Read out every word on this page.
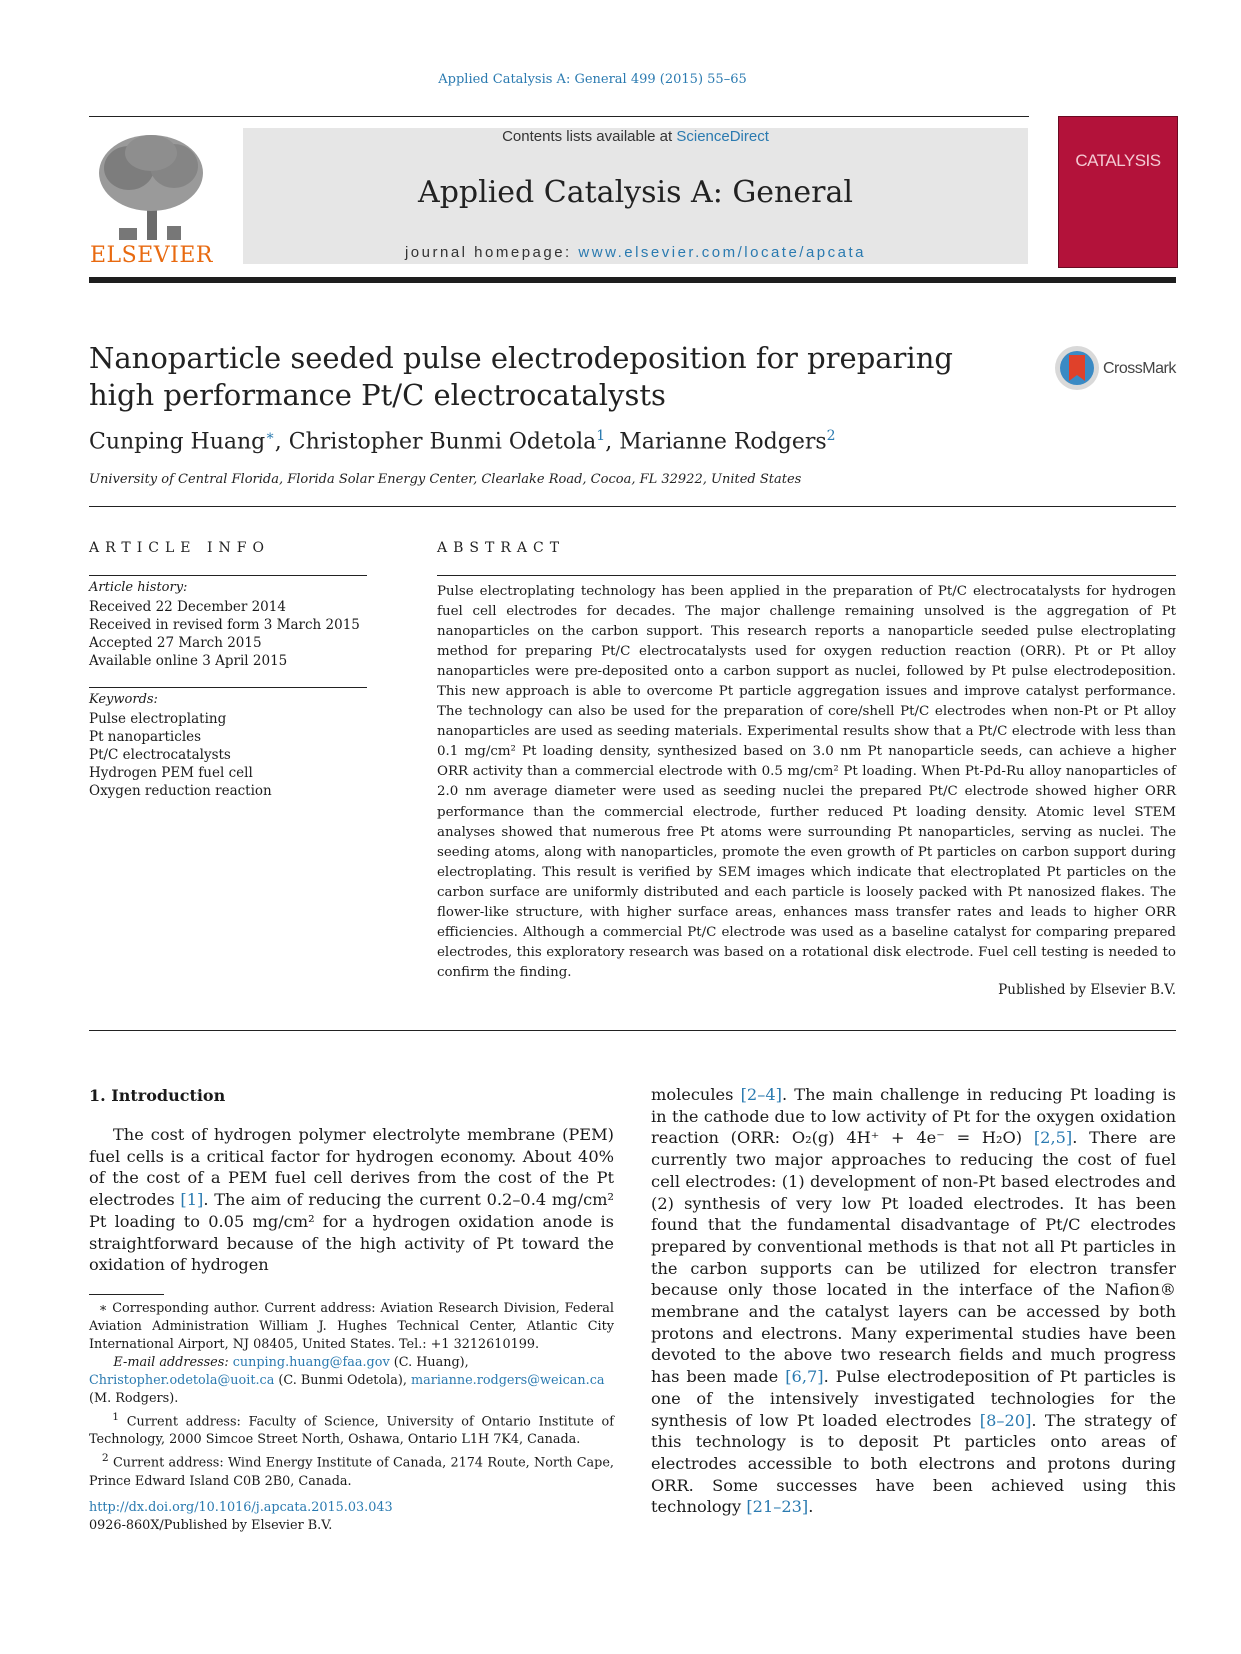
Applied Catalysis A: General 499 (2015) 55–65
ELSEVIER
Contents lists available at ScienceDirect
Applied Catalysis A: General
journal homepage: www.elsevier.com/locate/apcata
CATALYSIS
Nanoparticle seeded pulse electrodeposition for preparing high performance Pt/C electrocatalysts
CrossMark
Cunping Huang∗, Christopher Bunmi Odetola$^1$, Marianne Rodgers$^2$
University of Central Florida, Florida Solar Energy Center, Clearlake Road, Cocoa, FL 32922, United States
ARTICLE INFO
Article history:
Received 22 December 2014
Received in revised form 3 March 2015
Accepted 27 March 2015
Available online 3 April 2015
Keywords:
Pulse electroplating
Pt nanoparticles
Pt/C electrocatalysts
Hydrogen PEM fuel cell
Oxygen reduction reaction
ABSTRACT
Pulse electroplating technology has been applied in the preparation of Pt/C electrocatalysts for hydrogen fuel cell electrodes for decades. The major challenge remaining unsolved is the aggregation of Pt nanoparticles on the carbon support. This research reports a nanoparticle seeded pulse electroplating method for preparing Pt/C electrocatalysts used for oxygen reduction reaction (ORR). Pt or Pt alloy nanoparticles were pre-deposited onto a carbon support as nuclei, followed by Pt pulse electrodeposition. This new approach is able to overcome Pt particle aggregation issues and improve catalyst performance. The technology can also be used for the preparation of core/shell Pt/C electrodes when non-Pt or Pt alloy nanoparticles are used as seeding materials. Experimental results show that a Pt/C electrode with less than 0.1 mg/cm² Pt loading density, synthesized based on 3.0 nm Pt nanoparticle seeds, can achieve a higher ORR activity than a commercial electrode with 0.5 mg/cm² Pt loading. When Pt-Pd-Ru alloy nanoparticles of 2.0 nm average diameter were used as seeding nuclei the prepared Pt/C electrode showed higher ORR performance than the commercial electrode, further reduced Pt loading density. Atomic level STEM analyses showed that numerous free Pt atoms were surrounding Pt nanoparticles, serving as nuclei. The seeding atoms, along with nanoparticles, promote the even growth of Pt particles on carbon support during electroplating. This result is verified by SEM images which indicate that electroplated Pt particles on the carbon surface are uniformly distributed and each particle is loosely packed with Pt nanosized flakes. The flower-like structure, with higher surface areas, enhances mass transfer rates and leads to higher ORR efficiencies. Although a commercial Pt/C electrode was used as a baseline catalyst for comparing prepared electrodes, this exploratory research was based on a rotational disk electrode. Fuel cell testing is needed to confirm the finding.
Published by Elsevier B.V.
1. Introduction
The cost of hydrogen polymer electrolyte membrane (PEM) fuel cells is a critical factor for hydrogen economy. About 40% of the cost of a PEM fuel cell derives from the cost of the Pt electrodes [1]. The aim of reducing the current 0.2–0.4 mg/cm² Pt loading to 0.05 mg/cm² for a hydrogen oxidation anode is straightforward because of the high activity of Pt toward the oxidation of hydrogen
molecules [2–4]. The main challenge in reducing Pt loading is in the cathode due to low activity of Pt for the oxygen oxidation reaction (ORR: O₂(g) 4H⁺ + 4e⁻ = H₂O) [2,5]. There are currently two major approaches to reducing the cost of fuel cell electrodes: (1) development of non-Pt based electrodes and (2) synthesis of very low Pt loaded electrodes. It has been found that the fundamental disadvantage of Pt/C electrodes prepared by conventional methods is that not all Pt particles in the carbon supports can be utilized for electron transfer because only those located in the interface of the Nafion® membrane and the catalyst layers can be accessed by both protons and electrons. Many experimental studies have been devoted to the above two research fields and much progress has been made [6,7]. Pulse electrodeposition of Pt particles is one of the intensively investigated technologies for the synthesis of low Pt loaded electrodes [8–20]. The strategy of this technology is to deposit Pt particles onto areas of electrodes accessible to both electrons and protons during ORR. Some successes have been achieved using this technology [21–23].

∗ Corresponding author. Current address: Aviation Research Division, Federal Aviation Administration William J. Hughes Technical Center, Atlantic City International Airport, NJ 08405, United States. Tel.: +1 3212610199.

E-mail addresses: cunping.huang@faa.gov (C. Huang),
Christopher.odetola@uoit.ca (C. Bunmi Odetola), marianne.rodgers@weican.ca
(M. Rodgers).

$^1$ Current address: Faculty of Science, University of Ontario Institute of Technology, 2000 Simcoe Street North, Oshawa, Ontario L1H 7K4, Canada.

$^2$ Current address: Wind Energy Institute of Canada, 2174 Route, North Cape, Prince Edward Island C0B 2B0, Canada.

http://dx.doi.org/10.1016/j.apcata.2015.03.043
0926-860X/Published by Elsevier B.V.
